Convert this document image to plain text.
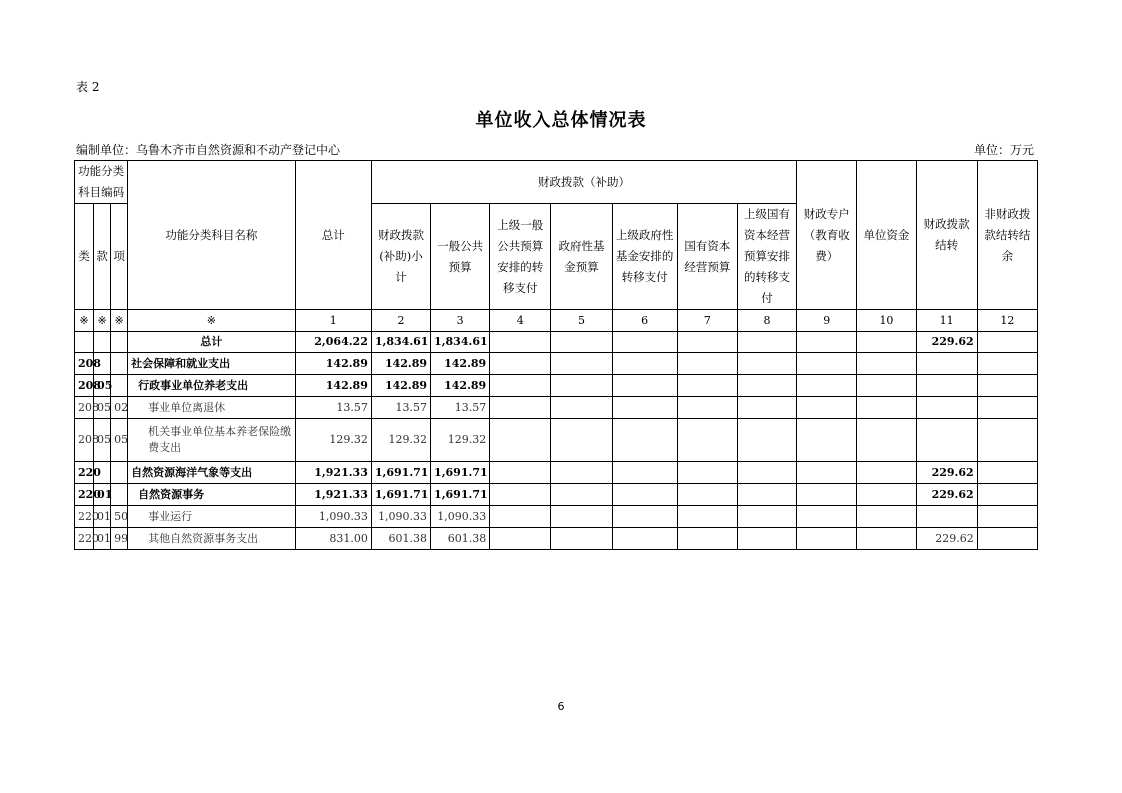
表 2
单位收入总体情况表
编制单位：乌鲁木齐市自然资源和不动产登记中心	单位：万元
功能分类科目编码			功能分类科目名称	总计	财政拨款（补助）							财政专户（教育收费）	单位资金	财政拨款结转	非财政拨款结转结余
类	款	项			财政拨款(补助)小计	一般公共预算	上级一般公共预算安排的转移支付	政府性基金预算	上级政府性基金安排的转移支付	国有资本经营预算	上级国有资本经营预算安排的转移支付				
※	※	※	※	1	2	3	4	5	6	7	8	9	10	11	12
			总计	2,064.22	1,834.61	1,834.61								229.62	
208			社会保障和就业支出	142.89	142.89	142.89									
208	05		行政事业单位养老支出	142.89	142.89	142.89									
208	05	02	事业单位离退休	13.57	13.57	13.57									
208	05	05	机关事业单位基本养老保险缴费支出	129.32	129.32	129.32									
220			自然资源海洋气象等支出	1,921.33	1,691.71	1,691.71								229.62	
220	01		自然资源事务	1,921.33	1,691.71	1,691.71								229.62	
220	01	50	事业运行	1,090.33	1,090.33	1,090.33									
220	01	99	其他自然资源事务支出	831.00	601.38	601.38								229.62	
6
